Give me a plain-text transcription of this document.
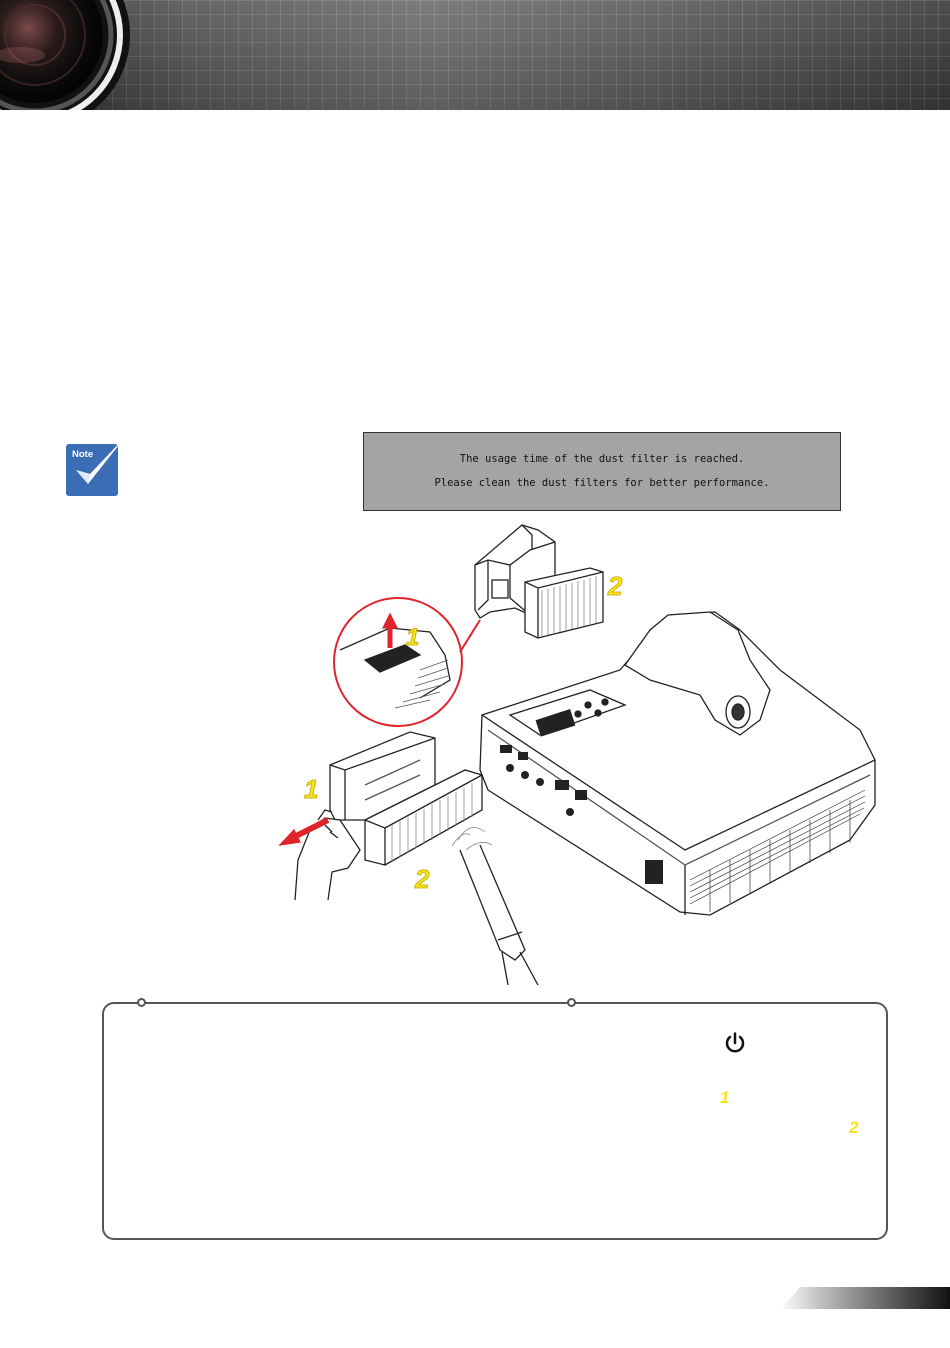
Note	The usage time of the dust filter is reached.
Please clean the dust filters for better performance.
2
1
1
2
1
2
